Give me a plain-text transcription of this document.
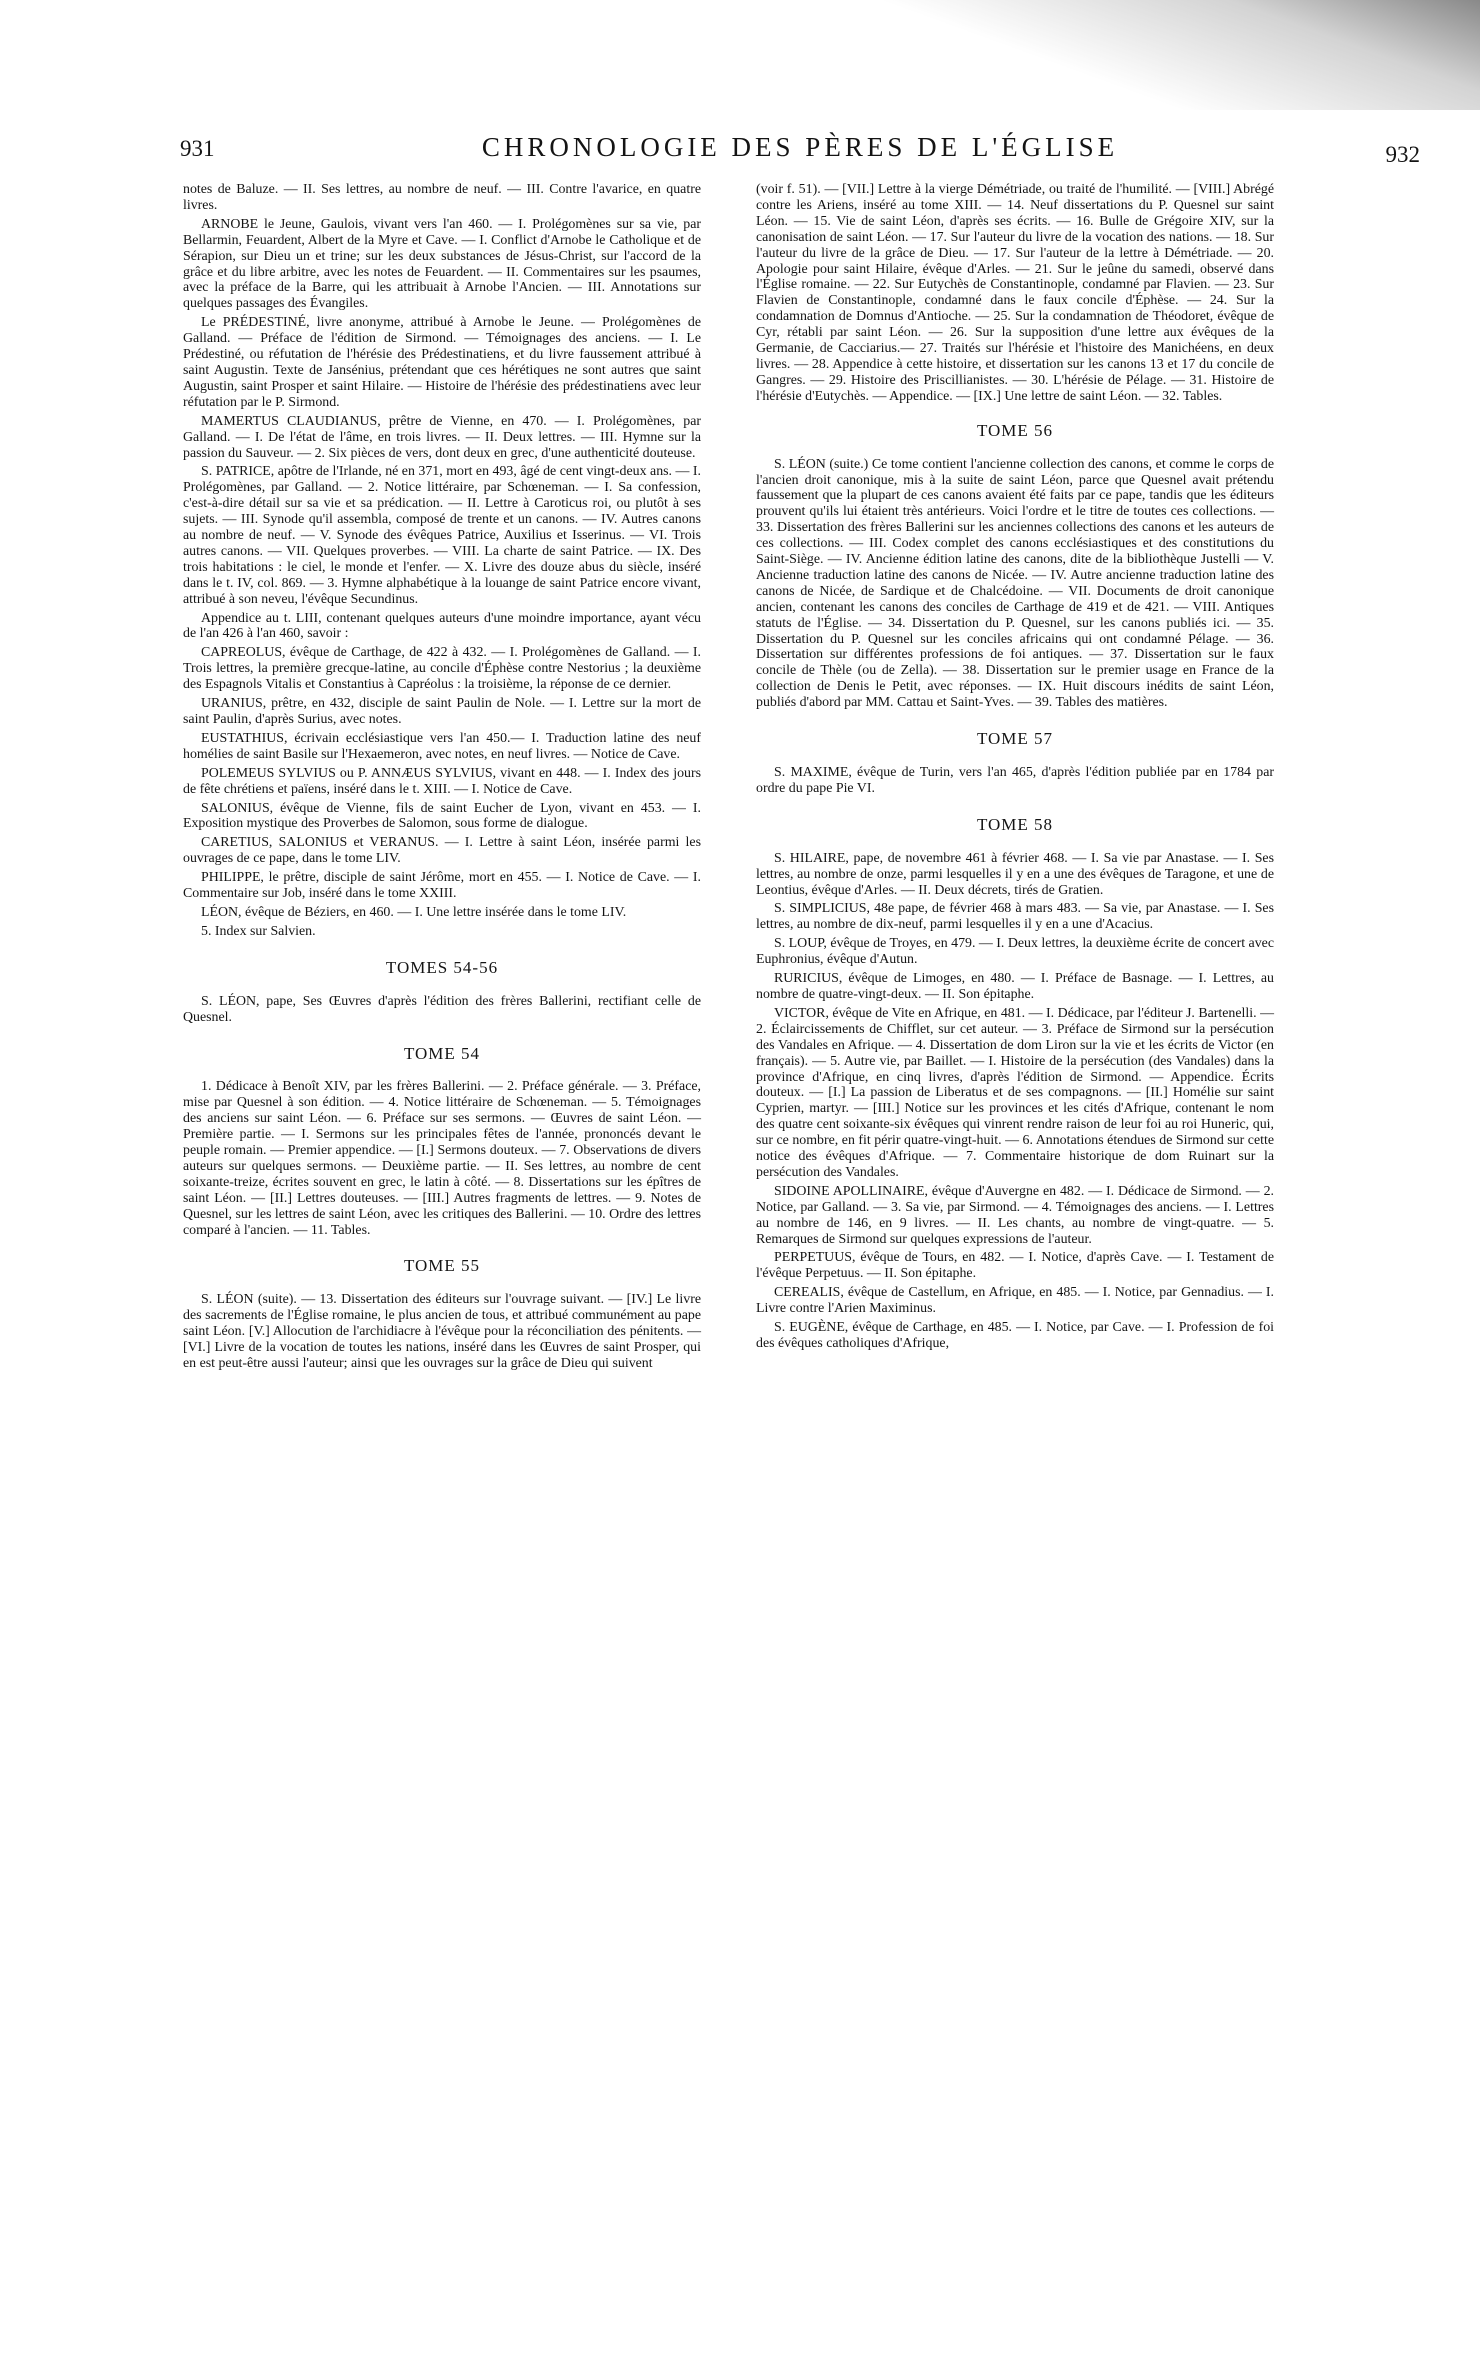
931	CHRONOLOGIE DES PÈRES DE L'ÉGLISE	932

notes de Baluze. — II. Ses lettres, au nombre de neuf. — III. Contre l'avarice, en quatre livres.

ARNOBE le Jeune, Gaulois, vivant vers l'an 460. — I. Prolégomènes sur sa vie, par Bellarmin, Feuardent, Albert de la Myre et Cave. — I. Conflict d'Arnobe le Catholique et de Sérapion, sur Dieu un et trine; sur les deux substances de Jésus-Christ, sur l'accord de la grâce et du libre arbitre, avec les notes de Feuardent. — II. Commentaires sur les psaumes, avec la préface de la Barre, qui les attribuait à Arnobe l'Ancien. — III. Annotations sur quelques passages des Évangiles.

Le PRÉDESTINÉ, livre anonyme, attribué à Arnobe le Jeune. — Prolégomènes de Galland. — Préface de l'édition de Sirmond. — Témoignages des anciens. — I. Le Prédestiné, ou réfutation de l'hérésie des Prédestinatiens, et du livre faussement attribué à saint Augustin. Texte de Jansénius, prétendant que ces hérétiques ne sont autres que saint Augustin, saint Prosper et saint Hilaire. — Histoire de l'hérésie des prédestinatiens avec leur réfutation par le P. Sirmond.

MAMERTUS CLAUDIANUS, prêtre de Vienne, en 470. — I. Prolégomènes, par Galland. — I. De l'état de l'âme, en trois livres. — II. Deux lettres. — III. Hymne sur la passion du Sauveur. — 2. Six pièces de vers, dont deux en grec, d'une authenticité douteuse.

S. PATRICE, apôtre de l'Irlande, né en 371, mort en 493, âgé de cent vingt-deux ans. — I. Prolégomènes, par Galland. — 2. Notice littéraire, par Schœneman. — I. Sa confession, c'est-à-dire détail sur sa vie et sa prédication. — II. Lettre à Caroticus roi, ou plutôt à ses sujets. — III. Synode qu'il assembla, composé de trente et un canons. — IV. Autres canons au nombre de neuf. — V. Synode des évêques Patrice, Auxilius et Isserinus. — VI. Trois autres canons. — VII. Quelques proverbes. — VIII. La charte de saint Patrice. — IX. Des trois habitations : le ciel, le monde et l'enfer. — X. Livre des douze abus du siècle, inséré dans le t. IV, col. 869. — 3. Hymne alphabétique à la louange de saint Patrice encore vivant, attribué à son neveu, l'évêque Secundinus.

Appendice au t. LIII, contenant quelques auteurs d'une moindre importance, ayant vécu de l'an 426 à l'an 460, savoir :

CAPREOLUS, évêque de Carthage, de 422 à 432. — I. Prolégomènes de Galland. — I. Trois lettres, la première grecque-latine, au concile d'Éphèse contre Nestorius ; la deuxième des Espagnols Vitalis et Constantius à Capréolus : la troisième, la réponse de ce dernier.

URANIUS, prêtre, en 432, disciple de saint Paulin de Nole. — I. Lettre sur la mort de saint Paulin, d'après Surius, avec notes.

EUSTATHIUS, écrivain ecclésiastique vers l'an 450.— I. Traduction latine des neuf homélies de saint Basile sur l'Hexaemeron, avec notes, en neuf livres. — Notice de Cave.

POLEMEUS SYLVIUS ou P. ANNÆUS SYLVIUS, vivant en 448. — I. Index des jours de fête chrétiens et païens, inséré dans le t. XIII. — I. Notice de Cave.

SALONIUS, évêque de Vienne, fils de saint Eucher de Lyon, vivant en 453. — I. Exposition mystique des Proverbes de Salomon, sous forme de dialogue.

CARETIUS, SALONIUS et VERANUS. — I. Lettre à saint Léon, insérée parmi les ouvrages de ce pape, dans le tome LIV.

PHILIPPE, le prêtre, disciple de saint Jérôme, mort en 455. — I. Notice de Cave. — I. Commentaire sur Job, inséré dans le tome XXIII.

LÉON, évêque de Béziers, en 460. — I. Une lettre insérée dans le tome LIV.

5. Index sur Salvien.

TOMES 54-56

S. LÉON, pape, Ses Œuvres d'après l'édition des frères Ballerini, rectifiant celle de Quesnel.

TOME 54

1. Dédicace à Benoît XIV, par les frères Ballerini. — 2. Préface générale. — 3. Préface, mise par Quesnel à son édition. — 4. Notice littéraire de Schœneman. — 5. Témoignages des anciens sur saint Léon. — 6. Préface sur ses sermons. — Œuvres de saint Léon. — Première partie. — I. Sermons sur les principales fêtes de l'année, prononcés devant le peuple romain. — Premier appendice. — [I.] Sermons douteux. — 7. Observations de divers auteurs sur quelques sermons. — Deuxième partie. — II. Ses lettres, au nombre de cent soixante-treize, écrites souvent en grec, le latin à côté. — 8. Dissertations sur les épîtres de saint Léon. — [II.] Lettres douteuses. — [III.] Autres fragments de lettres. — 9. Notes de Quesnel, sur les lettres de saint Léon, avec les critiques des Ballerini. — 10. Ordre des lettres comparé à l'ancien. — 11. Tables.

TOME 55

S. LÉON (suite). — 13. Dissertation des éditeurs sur l'ouvrage suivant. — [IV.] Le livre des sacrements de l'Église romaine, le plus ancien de tous, et attribué communément au pape saint Léon. [V.] Allocution de l'archidiacre à l'évêque pour la réconciliation des pénitents. — [VI.] Livre de la vocation de toutes les nations, inséré dans les Œuvres de saint Prosper, qui en est peut-être aussi l'auteur; ainsi que les ouvrages sur la grâce de Dieu qui suivent

(voir f. 51). — [VII.] Lettre à la vierge Démétriade, ou traité de l'humilité. — [VIII.] Abrégé contre les Ariens, inséré au tome XIII. — 14. Neuf dissertations du P. Quesnel sur saint Léon. — 15. Vie de saint Léon, d'après ses écrits. — 16. Bulle de Grégoire XIV, sur la canonisation de saint Léon. — 17. Sur l'auteur du livre de la vocation des nations. — 18. Sur l'auteur du livre de la grâce de Dieu. — 17. Sur l'auteur de la lettre à Démétriade. — 20. Apologie pour saint Hilaire, évêque d'Arles. — 21. Sur le jeûne du samedi, observé dans l'Église romaine. — 22. Sur Eutychès de Constantinople, condamné par Flavien. — 23. Sur Flavien de Constantinople, condamné dans le faux concile d'Éphèse. — 24. Sur la condamnation de Domnus d'Antioche. — 25. Sur la condamnation de Théodoret, évêque de Cyr, rétabli par saint Léon. — 26. Sur la supposition d'une lettre aux évêques de la Germanie, de Cacciarius.— 27. Traités sur l'hérésie et l'histoire des Manichéens, en deux livres. — 28. Appendice à cette histoire, et dissertation sur les canons 13 et 17 du concile de Gangres. — 29. Histoire des Priscillianistes. — 30. L'hérésie de Pélage. — 31. Histoire de l'hérésie d'Eutychès. — Appendice. — [IX.] Une lettre de saint Léon. — 32. Tables.

TOME 56

S. LÉON (suite.) Ce tome contient l'ancienne collection des canons, et comme le corps de l'ancien droit canonique, mis à la suite de saint Léon, parce que Quesnel avait prétendu faussement que la plupart de ces canons avaient été faits par ce pape, tandis que les éditeurs prouvent qu'ils lui étaient très antérieurs. Voici l'ordre et le titre de toutes ces collections. — 33. Dissertation des frères Ballerini sur les anciennes collections des canons et les auteurs de ces collections. — III. Codex complet des canons ecclésiastiques et des constitutions du Saint-Siège. — IV. Ancienne édition latine des canons, dite de la bibliothèque Justelli — V. Ancienne traduction latine des canons de Nicée. — IV. Autre ancienne traduction latine des canons de Nicée, de Sardique et de Chalcédoine. — VII. Documents de droit canonique ancien, contenant les canons des conciles de Carthage de 419 et de 421. — VIII. Antiques statuts de l'Église. — 34. Dissertation du P. Quesnel, sur les canons publiés ici. — 35. Dissertation du P. Quesnel sur les conciles africains qui ont condamné Pélage. — 36. Dissertation sur différentes professions de foi antiques. — 37. Dissertation sur le faux concile de Thèle (ou de Zella). — 38. Dissertation sur le premier usage en France de la collection de Denis le Petit, avec réponses. — IX. Huit discours inédits de saint Léon, publiés d'abord par MM. Cattau et Saint-Yves. — 39. Tables des matières.

TOME 57

S. MAXIME, évêque de Turin, vers l'an 465, d'après l'édition publiée par en 1784 par ordre du pape Pie VI.

TOME 58

S. HILAIRE, pape, de novembre 461 à février 468. — I. Sa vie par Anastase. — I. Ses lettres, au nombre de onze, parmi lesquelles il y en a une des évêques de Taragone, et une de Leontius, évêque d'Arles. — II. Deux décrets, tirés de Gratien.

S. SIMPLICIUS, 48e pape, de février 468 à mars 483. — Sa vie, par Anastase. — I. Ses lettres, au nombre de dix-neuf, parmi lesquelles il y en a une d'Acacius.

S. LOUP, évêque de Troyes, en 479. — I. Deux lettres, la deuxième écrite de concert avec Euphronius, évêque d'Autun.

RURICIUS, évêque de Limoges, en 480. — I. Préface de Basnage. — I. Lettres, au nombre de quatre-vingt-deux. — II. Son épitaphe.

VICTOR, évêque de Vite en Afrique, en 481. — I. Dédicace, par l'éditeur J. Bartenelli. — 2. Éclaircissements de Chifflet, sur cet auteur. — 3. Préface de Sirmond sur la persécution des Vandales en Afrique. — 4. Dissertation de dom Liron sur la vie et les écrits de Victor (en français). — 5. Autre vie, par Baillet. — I. Histoire de la persécution (des Vandales) dans la province d'Afrique, en cinq livres, d'après l'édition de Sirmond. — Appendice. Écrits douteux. — [I.] La passion de Liberatus et de ses compagnons. — [II.] Homélie sur saint Cyprien, martyr. — [III.] Notice sur les provinces et les cités d'Afrique, contenant le nom des quatre cent soixante-six évêques qui vinrent rendre raison de leur foi au roi Huneric, qui, sur ce nombre, en fit périr quatre-vingt-huit. — 6. Annotations étendues de Sirmond sur cette notice des évêques d'Afrique. — 7. Commentaire historique de dom Ruinart sur la persécution des Vandales.

SIDOINE APOLLINAIRE, évêque d'Auvergne en 482. — I. Dédicace de Sirmond. — 2. Notice, par Galland. — 3. Sa vie, par Sirmond. — 4. Témoignages des anciens. — I. Lettres au nombre de 146, en 9 livres. — II. Les chants, au nombre de vingt-quatre. — 5. Remarques de Sirmond sur quelques expressions de l'auteur.

PERPETUUS, évêque de Tours, en 482. — I. Notice, d'après Cave. — I. Testament de l'évêque Perpetuus. — II. Son épitaphe.

CEREALIS, évêque de Castellum, en Afrique, en 485. — I. Notice, par Gennadius. — I. Livre contre l'Arien Maximinus.

S. EUGÈNE, évêque de Carthage, en 485. — I. Notice, par Cave. — I. Profession de foi des évêques catholiques d'Afrique,
